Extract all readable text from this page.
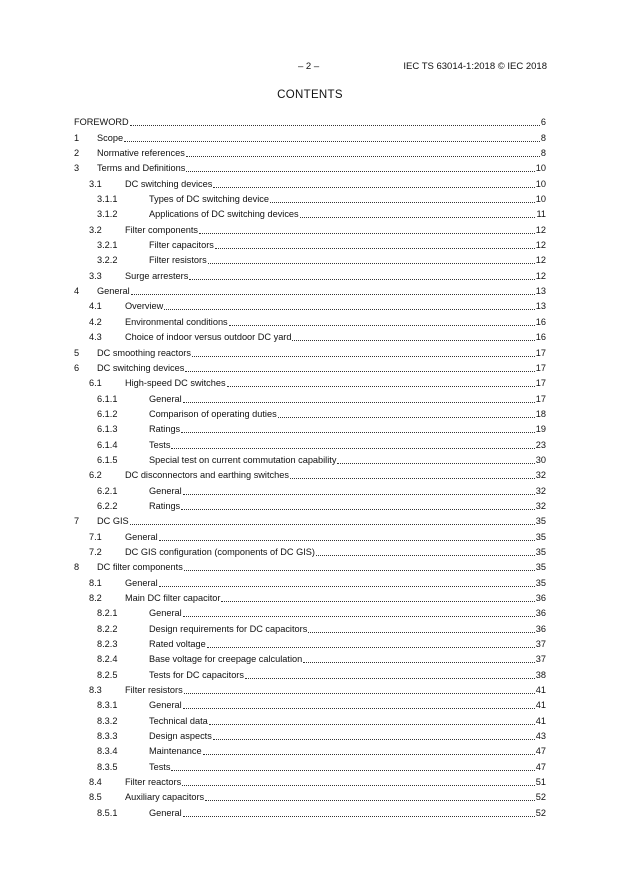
– 2 –	IEC TS 63014-1:2018 © IEC 2018
CONTENTS
FOREWORD	6
1	Scope	8
2	Normative references	8
3	Terms and Definitions	10
3.1	DC switching devices	10
3.1.1	Types of DC switching device	10
3.1.2	Applications of DC switching devices	11
3.2	Filter components	12
3.2.1	Filter capacitors	12
3.2.2	Filter resistors	12
3.3	Surge arresters	12
4	General	13
4.1	Overview	13
4.2	Environmental conditions	16
4.3	Choice of indoor versus outdoor DC yard	16
5	DC smoothing reactors	17
6	DC switching devices	17
6.1	High-speed DC switches	17
6.1.1	General	17
6.1.2	Comparison of operating duties	18
6.1.3	Ratings	19
6.1.4	Tests	23
6.1.5	Special test on current commutation capability	30
6.2	DC disconnectors and earthing switches	32
6.2.1	General	32
6.2.2	Ratings	32
7	DC GIS	35
7.1	General	35
7.2	DC GIS configuration (components of DC GIS)	35
8	DC filter components	35
8.1	General	35
8.2	Main DC filter capacitor	36
8.2.1	General	36
8.2.2	Design requirements for DC capacitors	36
8.2.3	Rated voltage	37
8.2.4	Base voltage for creepage calculation	37
8.2.5	Tests for DC capacitors	38
8.3	Filter resistors	41
8.3.1	General	41
8.3.2	Technical data	41
8.3.3	Design aspects	43
8.3.4	Maintenance	47
8.3.5	Tests	47
8.4	Filter reactors	51
8.5	Auxiliary capacitors	52
8.5.1	General	52
